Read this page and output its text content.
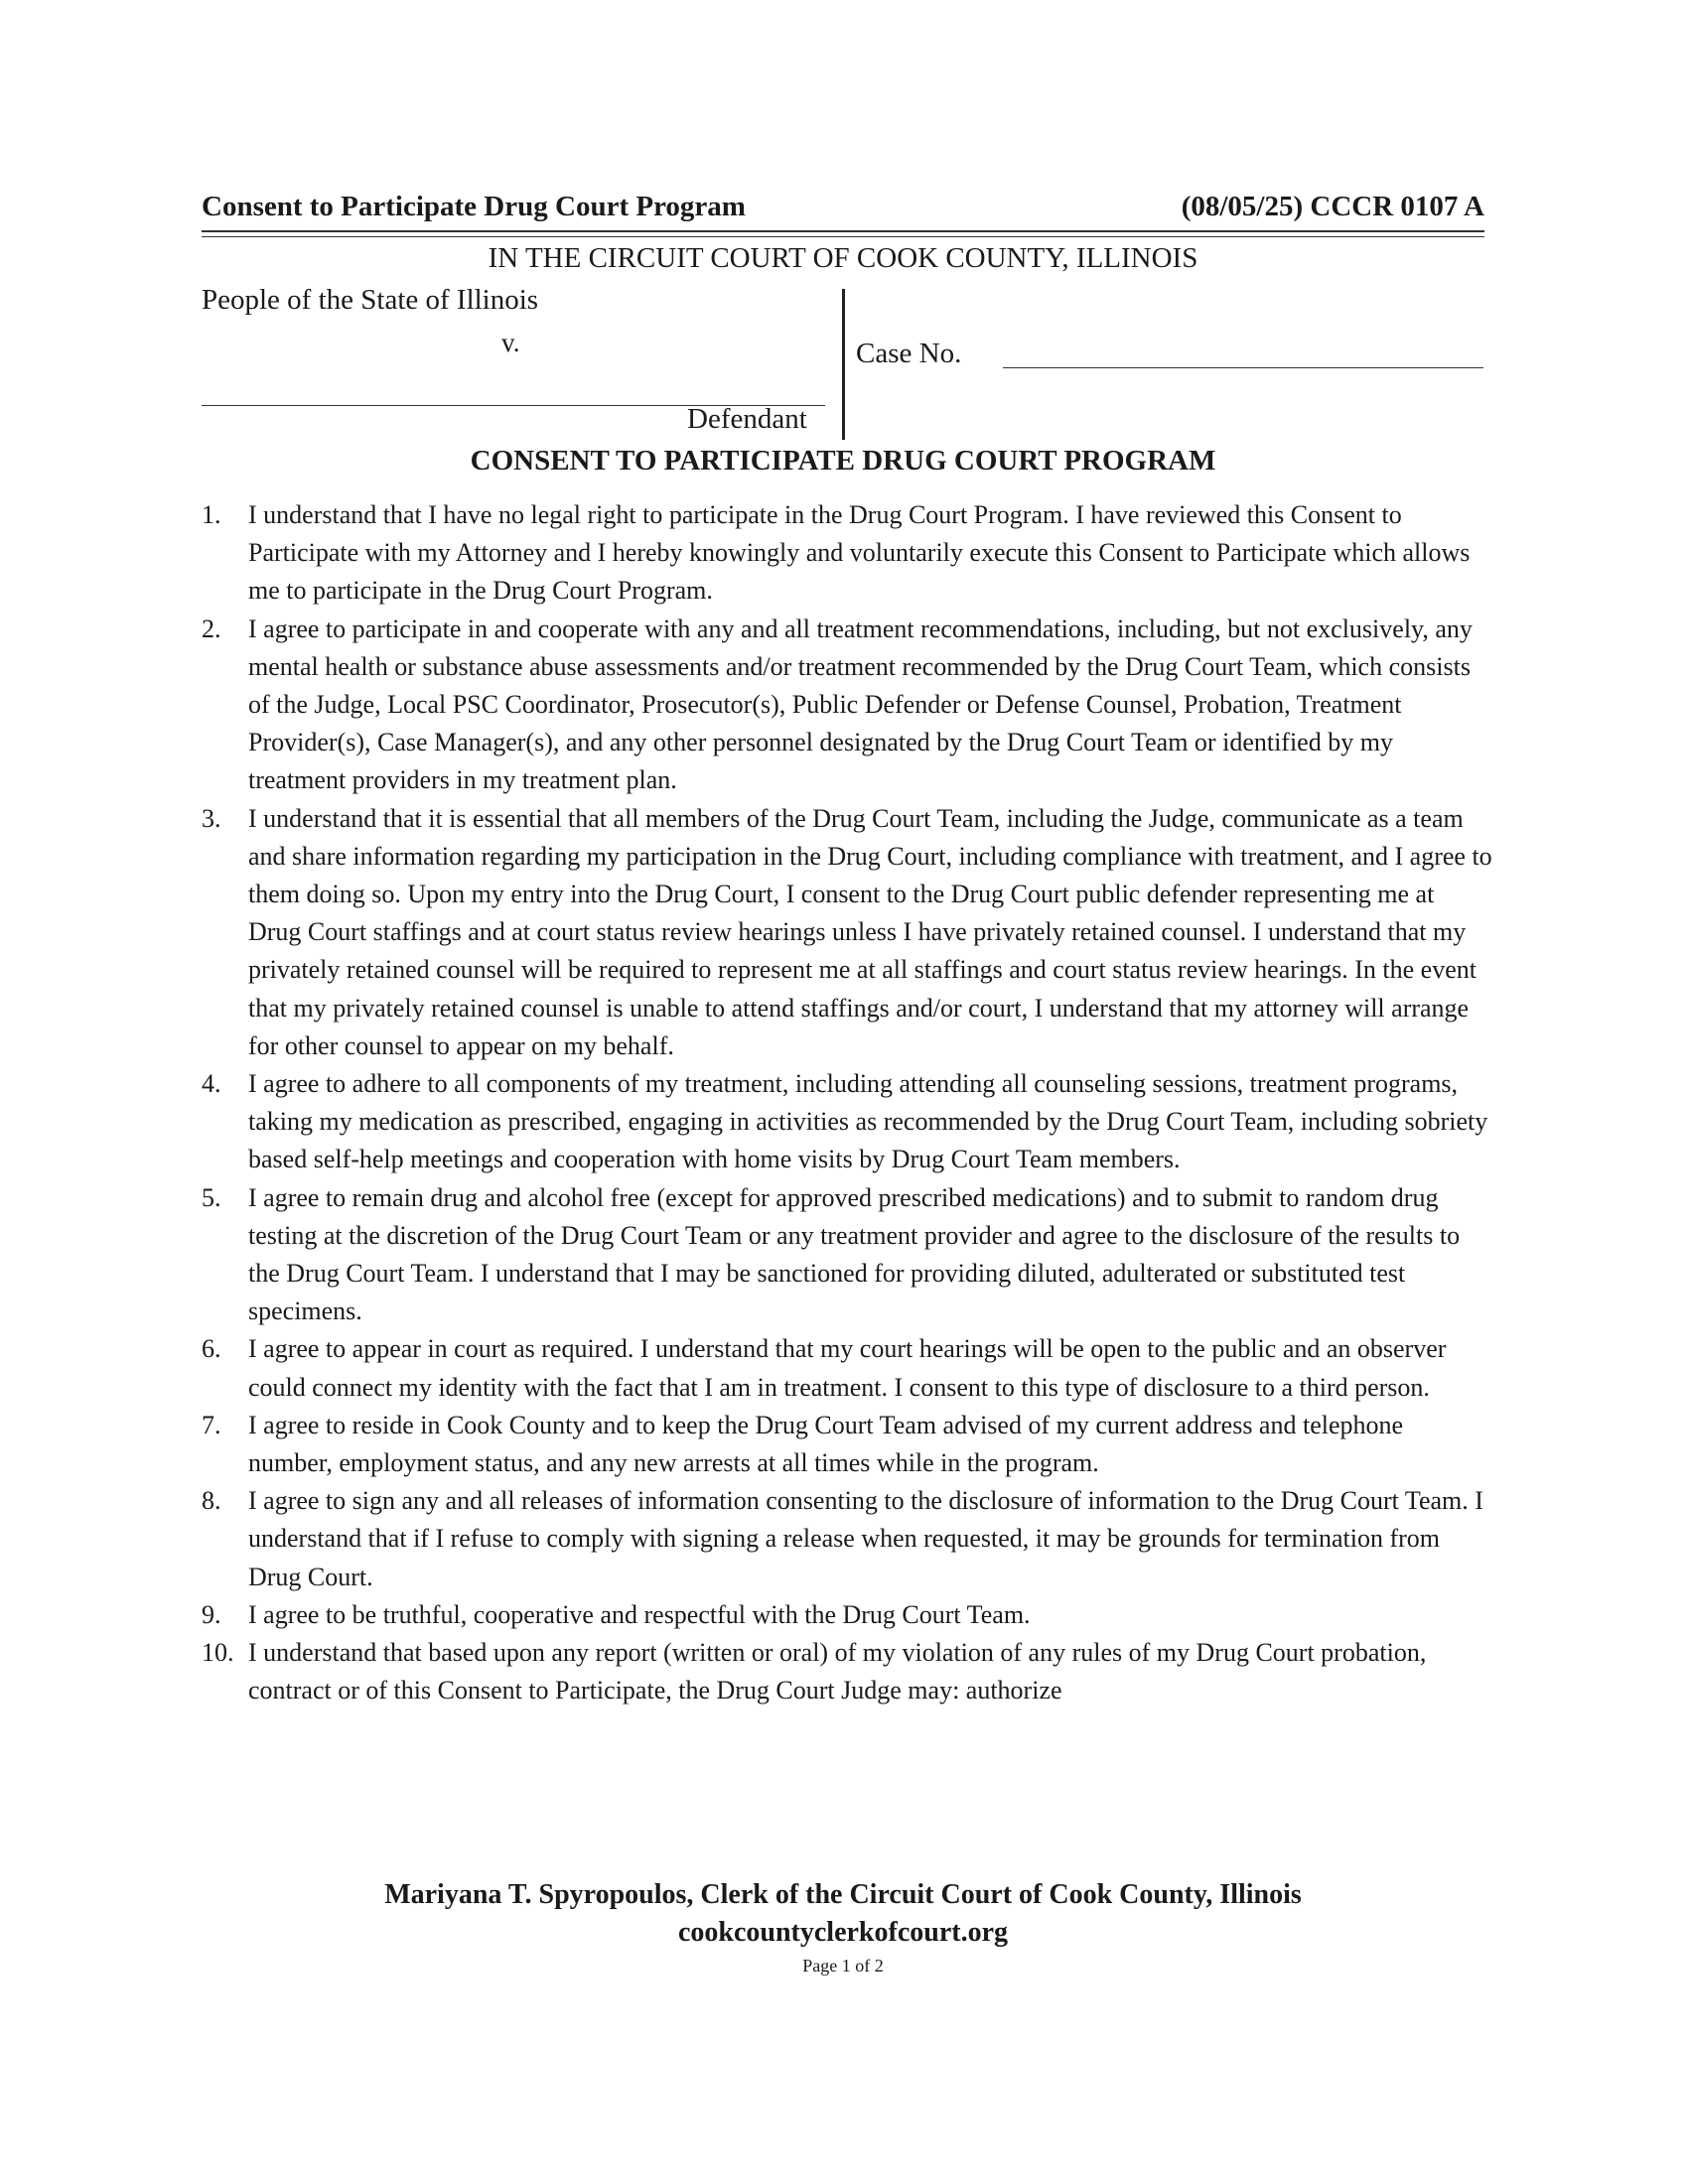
Consent to Participate Drug Court Program	(08/05/25) CCCR 0107 A
IN THE CIRCUIT COURT OF COOK COUNTY, ILLINOIS
People of the State of Illinois
v.
Defendant
Case No.
CONSENT TO PARTICIPATE DRUG COURT PROGRAM
1. I understand that I have no legal right to participate in the Drug Court Program. I have reviewed this Consent to Participate with my Attorney and I hereby knowingly and voluntarily execute this Consent to Participate which allows me to participate in the Drug Court Program.
2. I agree to participate in and cooperate with any and all treatment recommendations, including, but not exclusively, any mental health or substance abuse assessments and/or treatment recommended by the Drug Court Team, which consists of the Judge, Local PSC Coordinator, Prosecutor(s), Public Defender or Defense Counsel, Probation, Treatment Provider(s), Case Manager(s), and any other personnel designated by the Drug Court Team or identified by my treatment providers in my treatment plan.
3. I understand that it is essential that all members of the Drug Court Team, including the Judge, communicate as a team and share information regarding my participation in the Drug Court, including compliance with treatment, and I agree to them doing so. Upon my entry into the Drug Court, I consent to the Drug Court public defender representing me at Drug Court staffings and at court status review hearings unless I have privately retained counsel. I understand that my privately retained counsel will be required to represent me at all staffings and court status review hearings. In the event that my privately retained counsel is unable to attend staffings and/or court, I understand that my attorney will arrange for other counsel to appear on my behalf.
4. I agree to adhere to all components of my treatment, including attending all counseling sessions, treatment programs, taking my medication as prescribed, engaging in activities as recommended by the Drug Court Team, including sobriety based self-help meetings and cooperation with home visits by Drug Court Team members.
5. I agree to remain drug and alcohol free (except for approved prescribed medications) and to submit to random drug testing at the discretion of the Drug Court Team or any treatment provider and agree to the disclosure of the results to the Drug Court Team. I understand that I may be sanctioned for providing diluted, adulterated or substituted test specimens.
6. I agree to appear in court as required. I understand that my court hearings will be open to the public and an observer could connect my identity with the fact that I am in treatment. I consent to this type of disclosure to a third person.
7. I agree to reside in Cook County and to keep the Drug Court Team advised of my current address and telephone number, employment status, and any new arrests at all times while in the program.
8. I agree to sign any and all releases of information consenting to the disclosure of information to the Drug Court Team. I understand that if I refuse to comply with signing a release when requested, it may be grounds for termination from Drug Court.
9. I agree to be truthful, cooperative and respectful with the Drug Court Team.
10. I understand that based upon any report (written or oral) of my violation of any rules of my Drug Court probation, contract or of this Consent to Participate, the Drug Court Judge may: authorize
Mariyana T. Spyropoulos, Clerk of the Circuit Court of Cook County, Illinois
cookcountyclerkofcourt.org
Page 1 of 2
